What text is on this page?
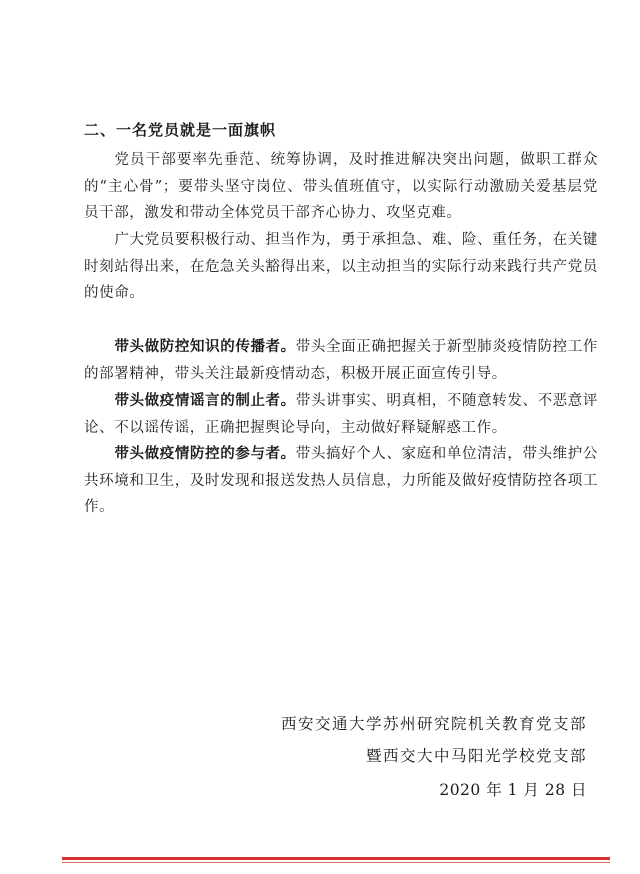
二、一名党员就是一面旗帜

党员干部要率先垂范、统筹协调，及时推进解决突出问题，做职工群众的“主心骨”；要带头坚守岗位、带头值班值守，以实际行动激励关爱基层党员干部，激发和带动全体党员干部齐心协力、攻坚克难。

广大党员要积极行动、担当作为，勇于承担急、难、险、重任务，在关键时刻站得出来，在危急关头豁得出来，以主动担当的实际行动来践行共产党员的使命。

带头做防控知识的传播者。带头全面正确把握关于新型肺炎疫情防控工作的部署精神，带头关注最新疫情动态，积极开展正面宣传引导。

带头做疫情谣言的制止者。带头讲事实、明真相，不随意转发、不恶意评论、不以谣传谣，正确把握舆论导向，主动做好释疑解惑工作。

带头做疫情防控的参与者。带头搞好个人、家庭和单位清洁，带头维护公共环境和卫生，及时发现和报送发热人员信息，力所能及做好疫情防控各项工作。

西安交通大学苏州研究院机关教育党支部

暨西交大中马阳光学校党支部

2020 年 1 月 28 日
